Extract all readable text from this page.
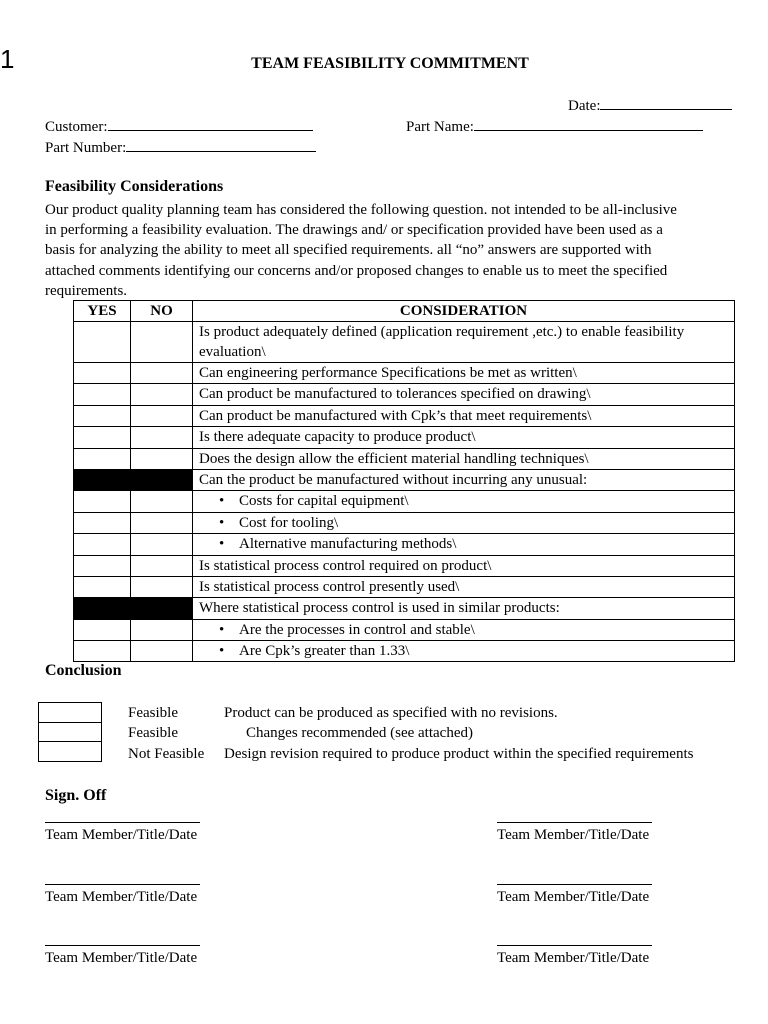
1	TEAM FEASIBILITY COMMITMENT
Date:
Customer:	Part Name:
Part Number:
Feasibility Considerations
Our product quality planning team has considered the following question. not intended to be all-inclusive
in performing a feasibility evaluation. The drawings and/ or specification provided have been used as a
basis for analyzing the ability to meet all specified requirements. all “no” answers are supported with
attached comments identifying our concerns and/or proposed changes to enable us to meet the specified
requirements.
YES	NO	CONSIDERATION

		Is product adequately defined (application requirement ,etc.) to enable feasibility
evaluation\

		Can engineering performance Specifications be met as written\

		Can product be manufactured to tolerances specified on drawing\

		Can product be manufactured with Cpk’s that meet requirements\

		Is there adequate capacity to produce product\

		Does the design allow the efficient material handling techniques\

		Can the product be manufactured without incurring any unusual:

		• Costs for capital equipment\

		• Cost for tooling\

		• Alternative manufacturing methods\

		Is statistical process control required on product\

		Is statistical process control presently used\

		Where statistical process control is used in similar products:

		• Are the processes in control and stable\

		• Are Cpk’s greater than 1.33\
Conclusion
Feasible	Product can be produced as specified with no revisions.
Feasible	Changes recommended (see attached)
Not Feasible Design revision required to produce product within the specified requirements
Sign. Off
Team Member/Title/Date	Team Member/Title/Date
Team Member/Title/Date	Team Member/Title/Date
Team Member/Title/Date	Team Member/Title/Date
